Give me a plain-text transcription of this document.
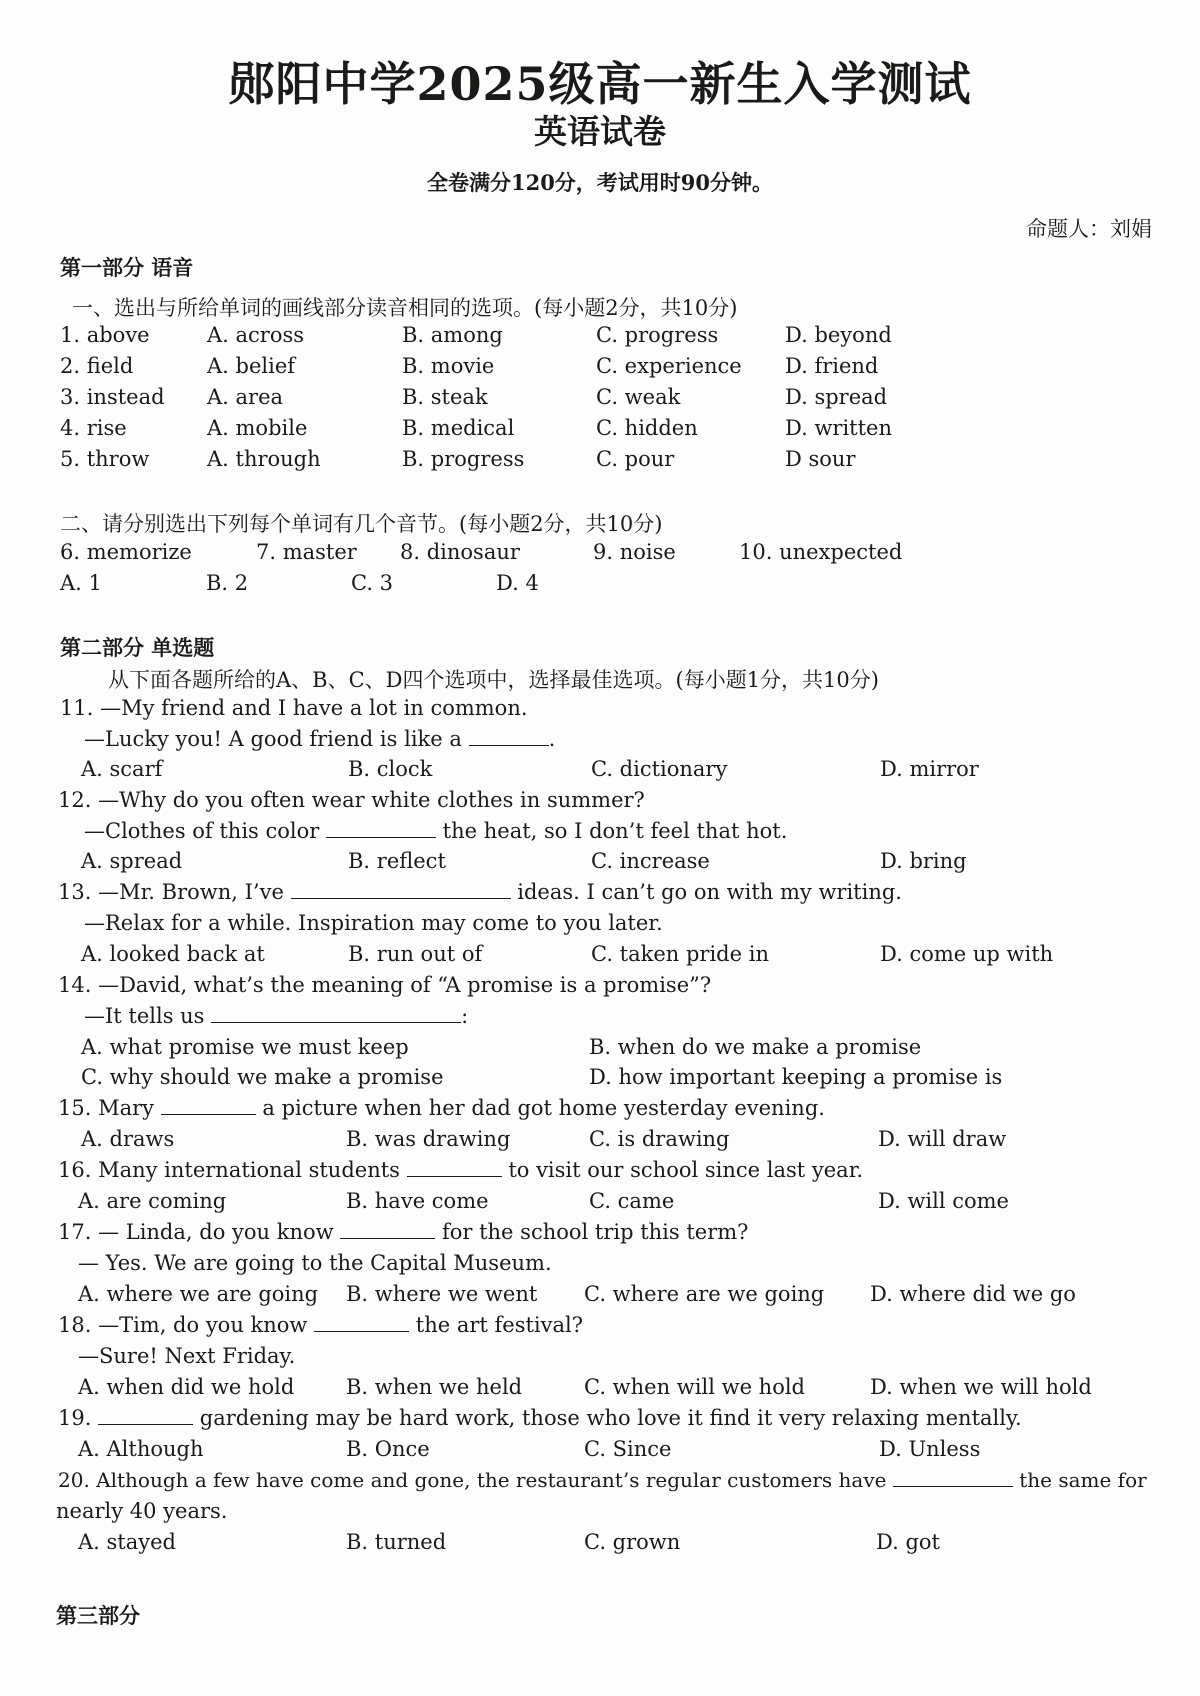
郧阳中学2025级高一新生入学测试
英语试卷
全卷满分120分，考试用时90分钟。
命题人：刘娟
第一部分 语音
一、选出与所给单词的画线部分读音相同的选项。(每小题2分，共10分)
1. above	A. across	B. among	C. progress	D. beyond
2. field	A. belief	B. movie	C. experience D. friend
3. instead A. area	B. steak	C. weak	D. spread
4. rise	A. mobile	B. medical	C. hidden	D. written
5. throw	A. through	B. progress	C. pour	D sour
二、请分别选出下列每个单词有几个音节。(每小题2分，共10分)
6. memorize	7. master 8. dinosaur	9. noise	10. unexpected
A. 1	B. 2	C. 3	D. 4
第二部分 单选题
从下面各题所给的A、B、C、D四个选项中，选择最佳选项。(每小题1分，共10分)
11. —My friend and I have a lot in common.
—Lucky you! A good friend is like a	.
A. scarf	B. clock	C. dictionary	D. mirror
12. —Why do you often wear white clothes in summer?
—Clothes of this color	the heat, so I don’t feel that hot.
A. spread	B. reflect	C. increase	D. bring
13. —Mr. Brown, I’ve	ideas. I can’t go on with my writing.
—Relax for a while. Inspiration may come to you later.
A. looked back at	B. run out of	C. taken pride in	D. come up with
14. —David, what’s the meaning of “A promise is a promise”?
—It tells us	:
A. what promise we must keep	B. when do we make a promise
C. why should we make a promise	D. how important keeping a promise is
15. Mary	a picture when her dad got home yesterday evening.
A. draws	B. was drawing	C. is drawing	D. will draw
16. Many international students	to visit our school since last year.
A. are coming	B. have come	C. came	D. will come
17. — Linda, do you know	for the school trip this term?
— Yes. We are going to the Capital Museum.
A. where we are going B. where we went C. where are we going D. where did we go
18. —Tim, do you know	the art festival?
—Sure! Next Friday.
A. when did we hold B. when we held	C. when will we hold	D. when we will hold
19.	gardening may be hard work, those who love it find it very relaxing mentally.
A. Although	B. Once	C. Since	D. Unless
20. Although a few have come and gone, the restaurant’s regular customers have	the same for
nearly 40 years.
A. stayed	B. turned	C. grown	D. got
第三部分
